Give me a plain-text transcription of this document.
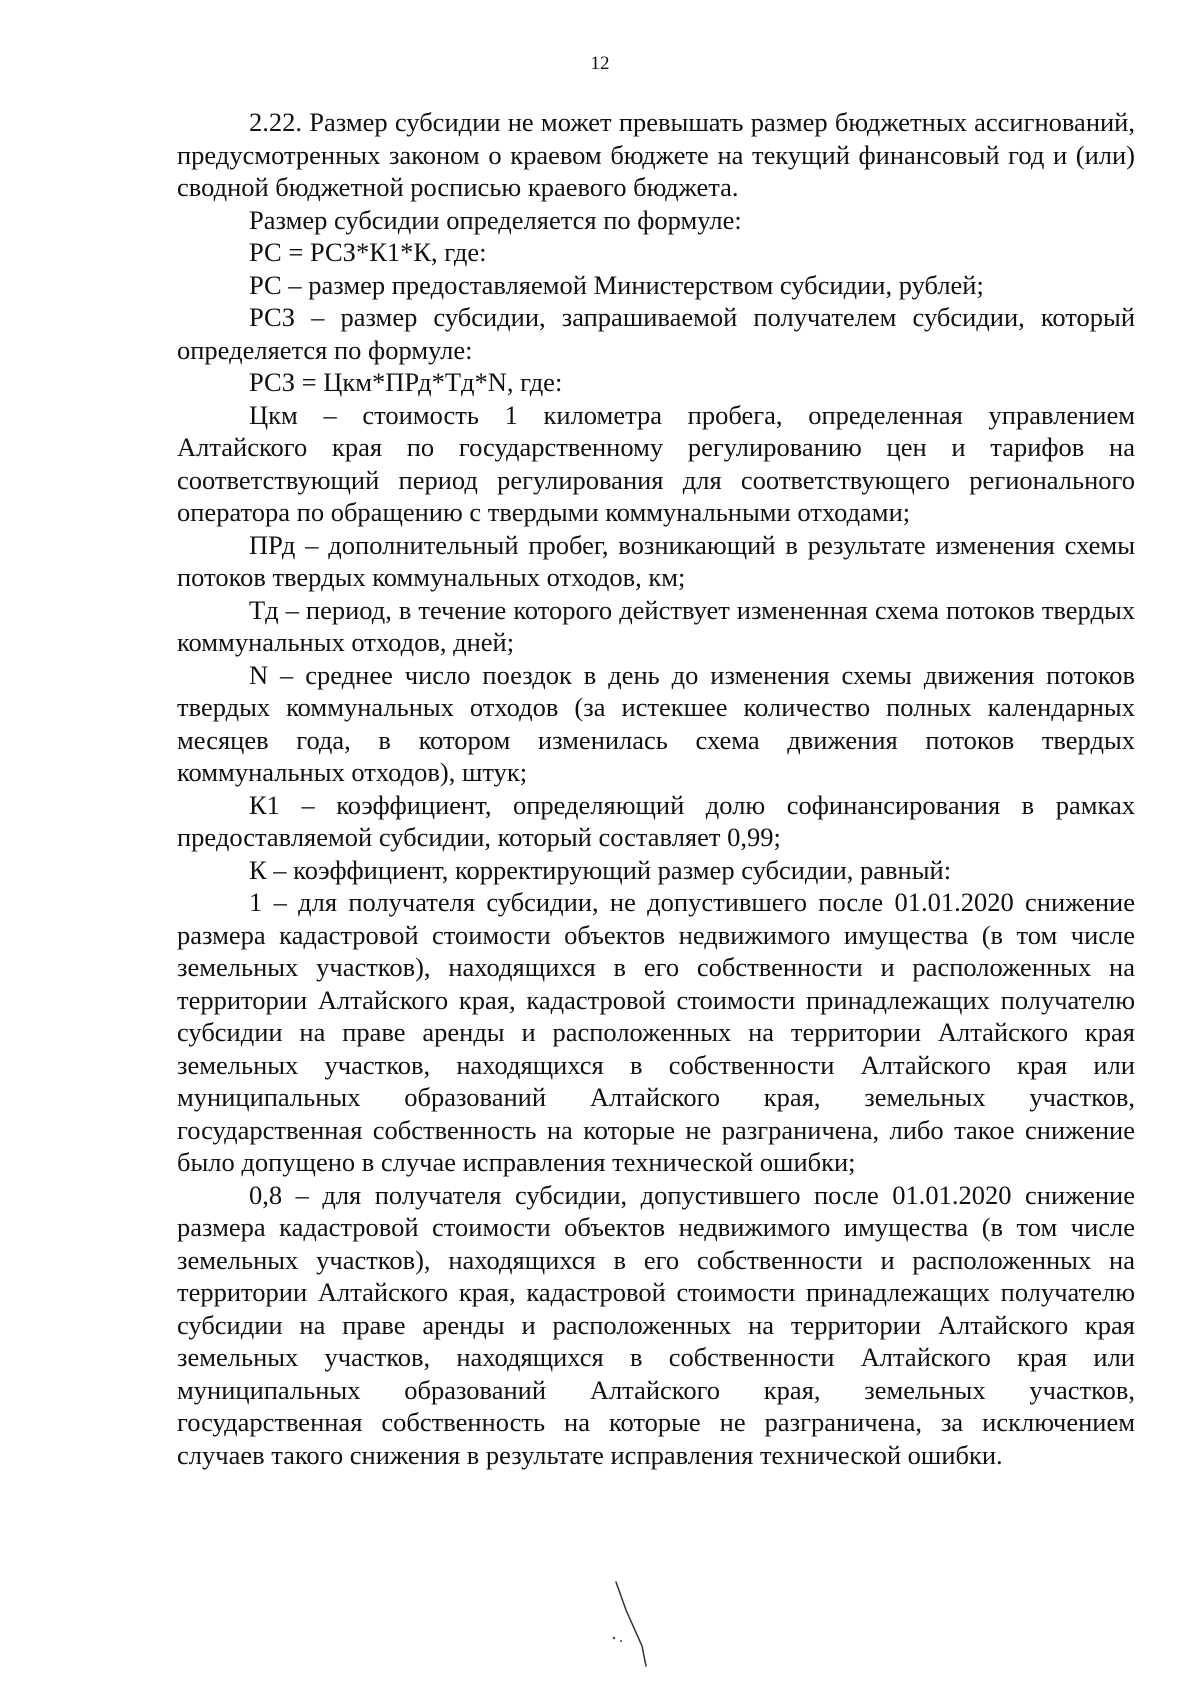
12

2.22. Размер субсидии не может превышать размер бюджетных ассигнований, предусмотренных законом о краевом бюджете на текущий финансовый год и (или) сводной бюджетной росписью краевого бюджета.

Размер субсидии определяется по формуле:

РС = РСЗ*К1*К, где:

РС – размер предоставляемой Министерством субсидии, рублей;

РСЗ – размер субсидии, запрашиваемой получателем субсидии, который определяется по формуле:

РСЗ = Цкм*ПРд*Тд*N, где:

Цкм – стоимость 1 километра пробега, определенная управлением Алтайского края по государственному регулированию цен и тарифов на соответствующий период регулирования для соответствующего регионального оператора по обращению с твердыми коммунальными отходами;

ПРд – дополнительный пробег, возникающий в результате изменения схемы потоков твердых коммунальных отходов, км;

Тд – период, в течение которого действует измененная схема потоков твердых коммунальных отходов, дней;

N – среднее число поездок в день до изменения схемы движения потоков твердых коммунальных отходов (за истекшее количество полных календарных месяцев года, в котором изменилась схема движения потоков твердых коммунальных отходов), штук;

К1 – коэффициент, определяющий долю софинансирования в рамках предоставляемой субсидии, который составляет 0,99;

К – коэффициент, корректирующий размер субсидии, равный:

1 – для получателя субсидии, не допустившего после 01.01.2020 снижение размера кадастровой стоимости объектов недвижимого имущества (в том числе земельных участков), находящихся в его собственности и расположенных на территории Алтайского края, кадастровой стоимости принадлежащих получателю субсидии на праве аренды и расположенных на территории Алтайского края земельных участков, находящихся в собственности Алтайского края или муниципальных образований Алтайского края, земельных участков, государственная собственность на которые не разграничена, либо такое снижение было допущено в случае исправления технической ошибки;

0,8 – для получателя субсидии, допустившего после 01.01.2020 снижение размера кадастровой стоимости объектов недвижимого имущества (в том числе земельных участков), находящихся в его собственности и расположенных на территории Алтайского края, кадастровой стоимости принадлежащих получателю субсидии на праве аренды и расположенных на территории Алтайского края земельных участков, находящихся в собственности Алтайского края или муниципальных образований Алтайского края, земельных участков, государственная собственность на которые не разграничена, за исключением случаев такого снижения в результате исправления технической ошибки.
